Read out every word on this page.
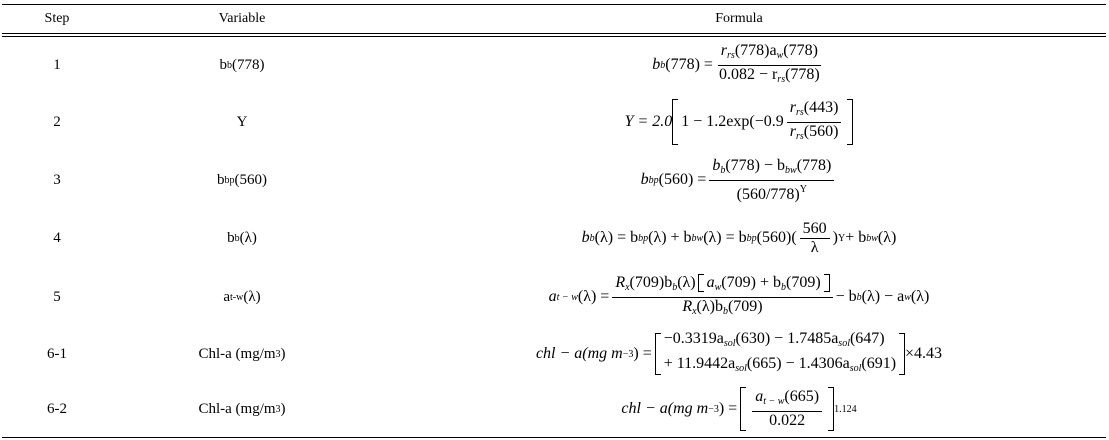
Step	Variable	Formula
1	b b (778)	b b $(778) = \frac{r_{rs}(778)a_w(778)}{0.082 - r_{rs}(778)}$
2	Y	Y = 2.0 $1 - 1.2\exp(-0.9 \frac{r_{rs}(443)}{r_{rs}(560)}$
3	b bp (560)	b bp $(560) = \frac{b_b(778) - b_{bw}(778)}{(560/778)^Y}$
4	b b (λ)	b b (λ) = b bp (λ) + b bw (λ) = b bp $(560)( \frac{560}{\lambda}$ ) Y + b bw (λ)
5	a t-w (λ)	a t − w $(\lambda) = \frac{R_x(709)b_b(\lambda) a_w(709) + b_b(709)}{R_x(\lambda)b_b(709)} - b$ b (λ) − a w (λ)
6-1	Chl-a (mg/m 3 )	chl − a(mg m −3 ) =
$-0.3319a_{sol}(630) - 1.7485a_{sol}(647)$
+ $11.9442a_{sol}(665) - 1.4306a_{sol}(691)$
×4.43
6-2	Chl-a (mg/m 3 )	chl − a(mg m −3 ) = $\frac{a_{t - w}(665)}{0.022} 1.124$
